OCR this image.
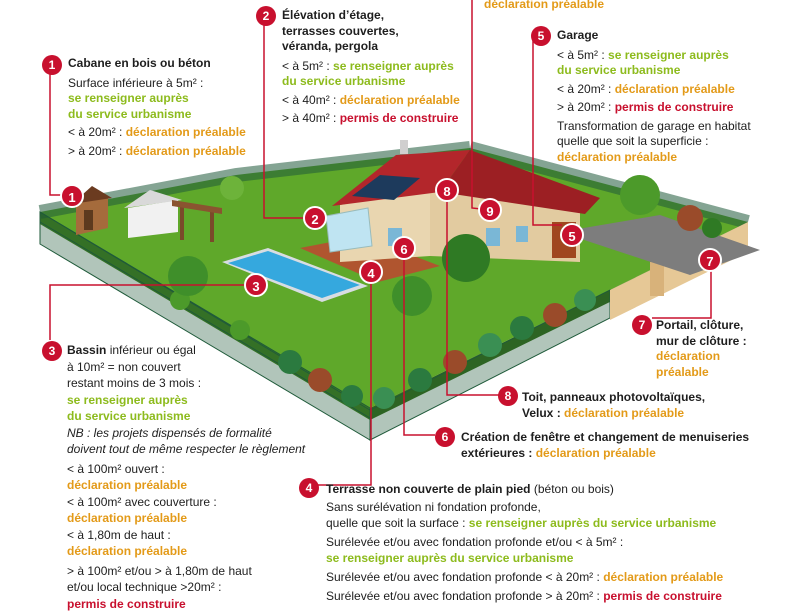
déclaration préalable
1	Cabane en bois ou béton

Surface inférieure à 5m² :

se renseigner auprès

du service urbanisme

< à 20m² : déclaration préalable

> à 20m² : déclaration préalable

2	Élévation d’étage,

terrasses couvertes,

véranda, pergola

< à 5m² : se renseigner auprès

du service urbanisme

< à 40m² : déclaration préalable

> à 40m² : permis de construire

5	Garage

< à 5m² : se renseigner auprès

du service urbanisme

< à 20m² : déclaration préalable

> à 20m² : permis de construire

Transformation de garage en habitat

quelle que soit la superficie :

déclaration préalable

3 Bassin inférieur ou égal

à 10m² = non couvert

restant moins de 3 mois :

se renseigner auprès

du service urbanisme

NB : les projets dispensés de formalité

doivent tout de même respecter le règlement

< à 100m² ouvert :

déclaration préalable

< à 100m² avec couverture :

déclaration préalable

< à 1,80m de haut :

déclaration préalable

> à 100m² et/ou > à 1,80m de haut

et/ou local technique >20m² :

permis de construire

7 Portail, clôture,

mur de clôture :

déclaration

préalable

8 Toit, panneaux photovoltaïques,

Velux : déclaration préalable

6	Création de fenêtre et changement de menuiseries

extérieures : déclaration préalable

4	Terrasse non couverte de plain pied (béton ou bois)

Sans surélévation ni fondation profonde,

quelle que soit la surface : se renseigner auprès du service urbanisme

Surélevée et/ou avec fondation profonde et/ou < à 5m² :

se renseigner auprès du service urbanisme

Surélevée et/ou avec fondation profonde < à 20m² : déclaration préalable

Surélevée et/ou avec fondation profonde > à 20m² : permis de construire

1
2
3
4
5
6
7
8
9
